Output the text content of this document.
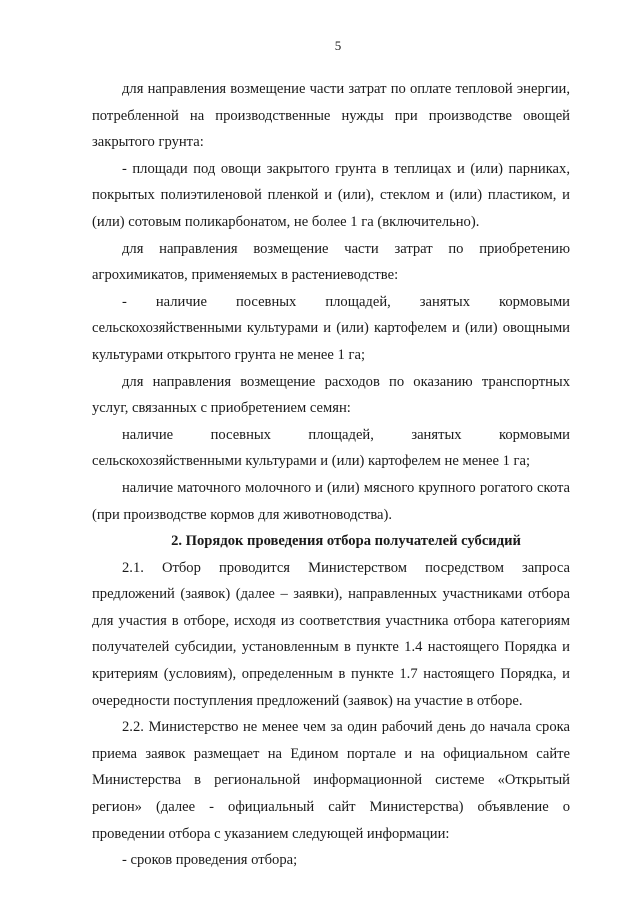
5

для направления возмещение части затрат по оплате тепловой энергии, потребленной на производственные нужды при производстве овощей закрытого грунта:

- площади под овощи закрытого грунта в теплицах и (или) парниках, покрытых полиэтиленовой пленкой и (или), стеклом и (или) пластиком, и (или) сотовым поликарбонатом, не более 1 га (включительно).

для направления возмещение части затрат по приобретению агрохимикатов, применяемых в растениеводстве:

- наличие посевных площадей, занятых кормовыми сельскохозяйственными культурами и (или) картофелем и (или) овощными культурами открытого грунта не менее 1 га;

для направления возмещение расходов по оказанию транспортных услуг, связанных с приобретением семян:

наличие посевных площадей, занятых кормовыми сельскохозяйственными культурами и (или) картофелем не менее 1 га;

наличие маточного молочного и (или) мясного крупного рогатого скота (при производстве кормов для животноводства).

2. Порядок проведения отбора получателей субсидий

2.1. Отбор проводится Министерством посредством запроса предложений (заявок) (далее – заявки), направленных участниками отбора для участия в отборе, исходя из соответствия участника отбора категориям получателей субсидии, установленным в пункте 1.4 настоящего Порядка и критериям (условиям), определенным в пункте 1.7 настоящего Порядка, и очередности поступления предложений (заявок) на участие в отборе.

2.2. Министерство не менее чем за один рабочий день до начала срока приема заявок размещает на Едином портале и на официальном сайте Министерства в региональной информационной системе «Открытый регион» (далее - официальный сайт Министерства) объявление о проведении отбора с указанием следующей информации:

- сроков проведения отбора;
